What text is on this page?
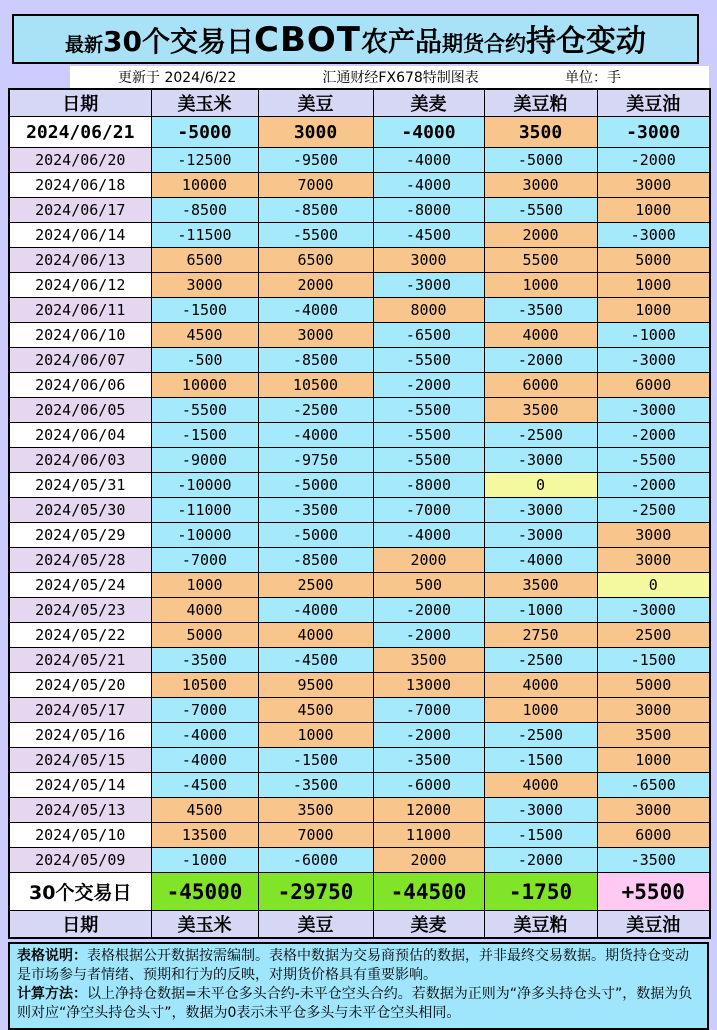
最新 30个交易日 CBOT 农产品 期货合约 持仓变动
更新于 2024/6/22	汇通财经FX678特制图表	单位：手
日期	美玉米	美豆	美麦	美豆粕	美豆油
2024/06/21	-5000	3000	-4000	3500	-3000
2024/06/20	-12500	-9500	-4000	-5000	-2000
2024/06/18	10000	7000	-4000	3000	3000
2024/06/17	-8500	-8500	-8000	-5500	1000
2024/06/14	-11500	-5500	-4500	2000	-3000
2024/06/13	6500	6500	3000	5500	5000
2024/06/12	3000	2000	-3000	1000	1000
2024/06/11	-1500	-4000	8000	-3500	1000
2024/06/10	4500	3000	-6500	4000	-1000
2024/06/07	-500	-8500	-5500	-2000	-3000
2024/06/06	10000	10500	-2000	6000	6000
2024/06/05	-5500	-2500	-5500	3500	-3000
2024/06/04	-1500	-4000	-5500	-2500	-2000
2024/06/03	-9000	-9750	-5500	-3000	-5500
2024/05/31	-10000	-5000	-8000	0	-2000
2024/05/30	-11000	-3500	-7000	-3000	-2500
2024/05/29	-10000	-5000	-4000	-3000	3000
2024/05/28	-7000	-8500	2000	-4000	3000
2024/05/24	1000	2500	500	3500	0
2024/05/23	4000	-4000	-2000	-1000	-3000
2024/05/22	5000	4000	-2000	2750	2500
2024/05/21	-3500	-4500	3500	-2500	-1500
2024/05/20	10500	9500	13000	4000	5000
2024/05/17	-7000	4500	-7000	1000	3000
2024/05/16	-4000	1000	-2000	-2500	3500
2024/05/15	-4000	-1500	-3500	-1500	1000
2024/05/14	-4500	-3500	-6000	4000	-6500
2024/05/13	4500	3500	12000	-3000	3000
2024/05/10	13500	7000	11000	-1500	6000
2024/05/09	-1000	-6000	2000	-2000	-3500
30个交易日	-45000	-29750	-44500	-1750	+5500
日期	美玉米	美豆	美麦	美豆粕	美豆油

表格说明：表格根据公开数据按需编制。表格中数据为交易商预估的数据，并非最终交易数据。期货持仓变动是市场参与者情绪、预期和行为的反映，对期货价格具有重要影响。

计算方法：以上净持仓数据=未平仓多头合约-未平仓空头合约。若数据为正则为“净多头持仓头寸”，数据为负则对应“净空头持仓头寸”，数据为0表示未平仓多头与未平仓空头相同。
